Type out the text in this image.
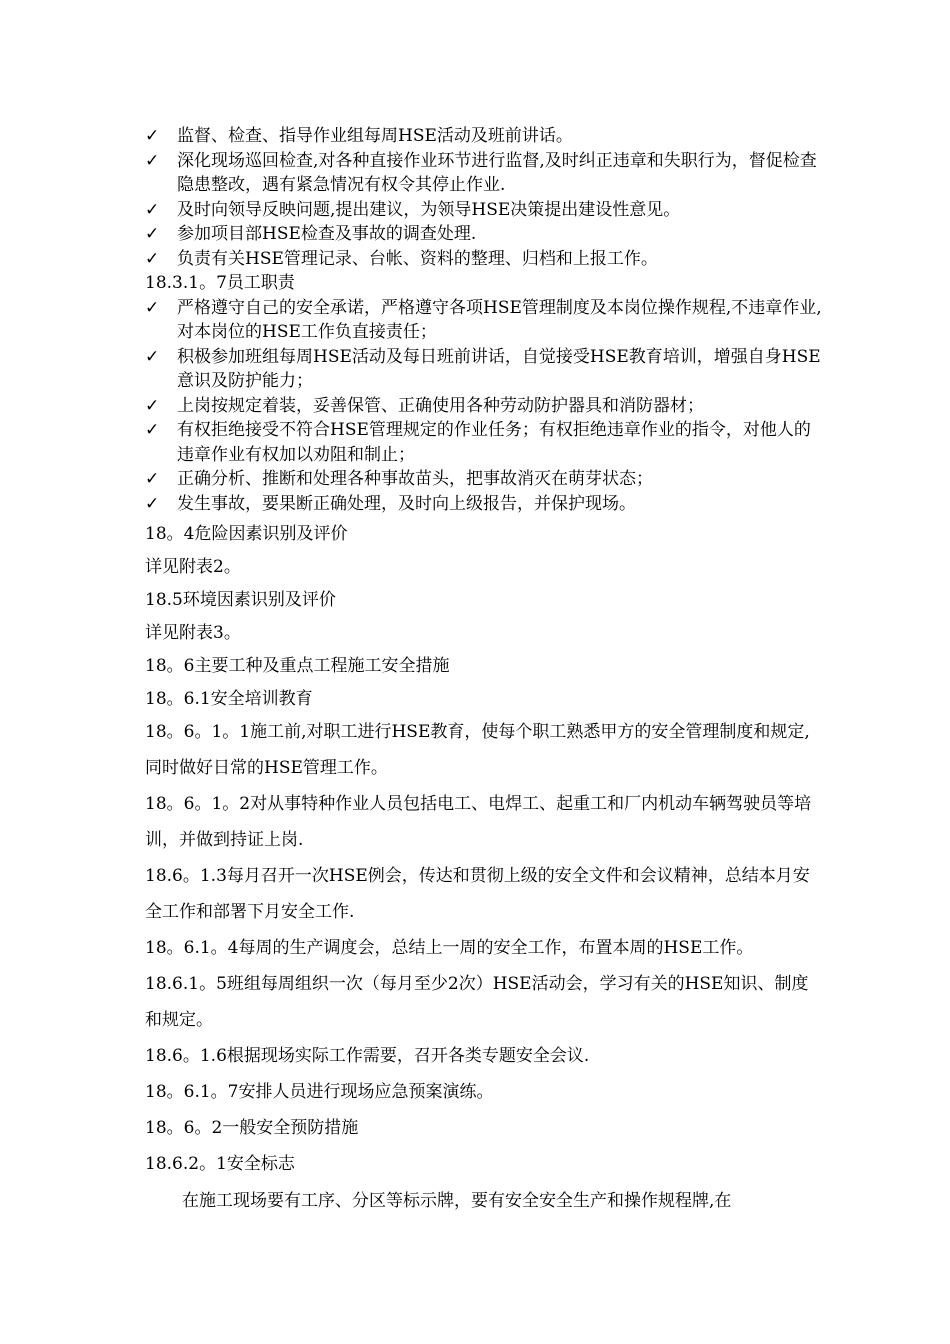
✓	监督、检查、指导作业组每周HSE活动及班前讲话。
✓	深化现场巡回检查,对各种直接作业环节进行监督,及时纠正违章和失职行为，督促检查隐患整改，遇有紧急情况有权令其停止作业.
✓	及时向领导反映问题,提出建议，为领导HSE决策提出建设性意见。
✓	参加项目部HSE检查及事故的调查处理.
✓	负责有关HSE管理记录、台帐、资料的整理、归档和上报工作。
18.3.1。7员工职责
✓	严格遵守自己的安全承诺，严格遵守各项HSE管理制度及本岗位操作规程,不违章作业,对本岗位的HSE工作负直接责任；
✓	积极参加班组每周HSE活动及每日班前讲话，自觉接受HSE教育培训，增强自身HSE意识及防护能力；
✓	上岗按规定着装，妥善保管、正确使用各种劳动防护器具和消防器材；
✓	有权拒绝接受不符合HSE管理规定的作业任务；有权拒绝违章作业的指令，对他人的违章作业有权加以劝阻和制止；
✓	正确分析、推断和处理各种事故苗头，把事故消灭在萌芽状态；
✓	发生事故，要果断正确处理，及时向上级报告，并保护现场。
18。4危险因素识别及评价
详见附表2。
18.5环境因素识别及评价
详见附表3。
18。6主要工种及重点工程施工安全措施
18。6.1安全培训教育
18。6。1。1施工前,对职工进行HSE教育，使每个职工熟悉甲方的安全管理制度和规定,同时做好日常的HSE管理工作。
18。6。1。2对从事特种作业人员包括电工、电焊工、起重工和厂内机动车辆驾驶员等培训，并做到持证上岗.
18.6。1.3每月召开一次HSE例会，传达和贯彻上级的安全文件和会议精神，总结本月安全工作和部署下月安全工作.
18。6.1。4每周的生产调度会，总结上一周的安全工作，布置本周的HSE工作。
18.6.1。5班组每周组织一次（每月至少2次）HSE活动会，学习有关的HSE知识、制度和规定。
18.6。1.6根据现场实际工作需要，召开各类专题安全会议.
18。6.1。7安排人员进行现场应急预案演练。
18。6。2一般安全预防措施
18.6.2。1安全标志
在施工现场要有工序、分区等标示牌，要有安全安全生产和操作规程牌,在
